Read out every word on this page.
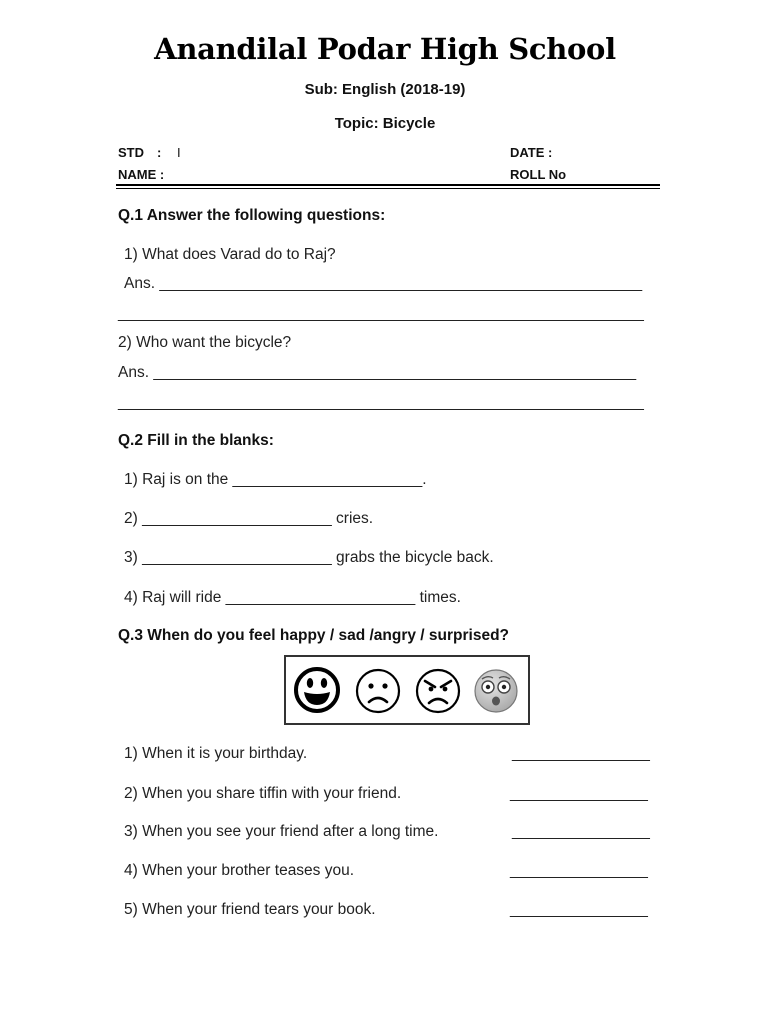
Anandilal Podar High School
Sub: English (2018-19)
Topic: Bicycle
STD : I	DATE :
NAME :	ROLL No
Q.1 Answer the following questions:
1) What does Varad do to Raj?
Ans. ________________________________________________________
_____________________________________________________________
2) Who want the bicycle?
Ans. ________________________________________________________
_____________________________________________________________
Q.2 Fill in the blanks:
1) Raj is on the ______________________.
2) ______________________ cries.
3) ______________________ grabs the bicycle back.
4) Raj will ride ______________________ times.
Q.3 When do you feel happy / sad /angry / surprised?
1) When it is your birthday.	________________
2) When you share tiffin with your friend.	________________
3) When you see your friend after a long time.	________________
4) When your brother teases you.	________________
5) When your friend tears your book.	________________
